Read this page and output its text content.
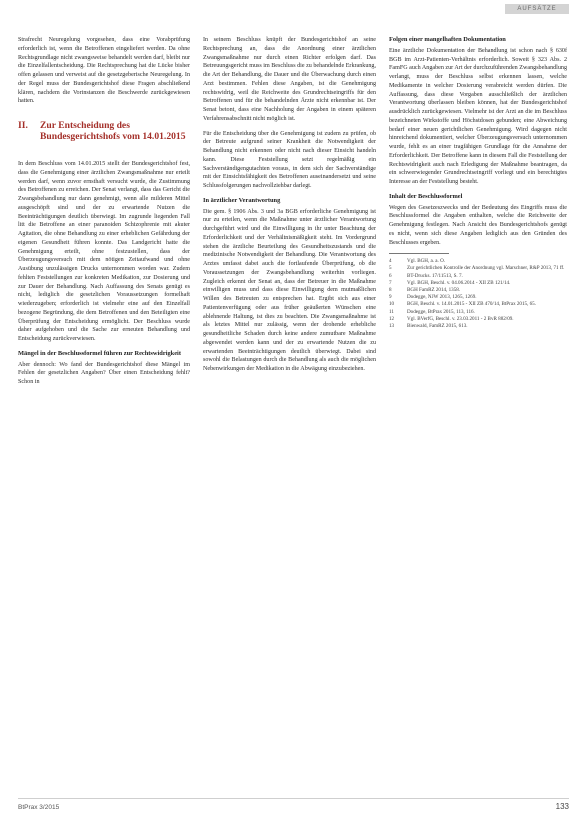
AUFSÄTZE

Strafrecht Neuregelung vorgesehen, dass eine Vorabprüfung erforderlich ist, wenn die Betroffenen eingeliefert werden. Da ohne Rechtsgrundlage nicht zwangsweise behandelt werden darf, bleibt nur die Einzelfallentscheidung. Die Rechtsprechung hat die Lücke bisher offen gelassen und verweist auf die gesetzgeberische Neuregelung. In der Regel muss der Bundesgerichtshof diese Fragen abschließend klären, nachdem die Vorinstanzen die Beschwerde zurückgewiesen hatten.

II.	Zur Entscheidung des Bundesgerichtshofs vom 14.01.2015

In dem Beschluss vom 14.01.2015 stellt der Bundesgerichtshof fest, dass die Genehmigung einer ärztlichen Zwangsmaßnahme nur erteilt werden darf, wenn zuvor ernsthaft versucht wurde, die Zustimmung des Betroffenen zu erreichen. Der Senat verlangt, dass das Gericht die Zwangsbehandlung nur dann genehmigt, wenn alle milderen Mittel ausgeschöpft sind und der zu erwartende Nutzen die Beeinträchtigungen deutlich überwiegt. Im zugrunde liegenden Fall litt die Betroffene an einer paranoiden Schizophrenie mit akuter Agitation, die ohne Behandlung zu einer erheblichen Gefährdung der eigenen Gesundheit führen konnte. Das Landgericht hatte die Genehmigung erteilt, ohne festzustellen, dass der Überzeugungsversuch mit dem nötigen Zeitaufwand und ohne Ausübung unzulässigen Drucks unternommen worden war. Zudem fehlten Feststellungen zur konkreten Medikation, zur Dosierung und zur Dauer der Behandlung. Nach Auffassung des Senats genügt es nicht, lediglich die gesetzlichen Voraussetzungen formelhaft wiederzugeben; erforderlich ist vielmehr eine auf den Einzelfall bezogene Begründung, die dem Betroffenen und den Beteiligten eine Überprüfung der Entscheidung ermöglicht. Der Beschluss wurde daher aufgehoben und die Sache zur erneuten Behandlung und Entscheidung zurückverwiesen.

Mängel in der Beschlussformel führen zur Rechtswidrigkeit

Aber dennoch: Wo fand der Bundesgerichtshof diese Mängel im Fehlen der gesetzlichen Angaben? Über einen Entscheidung fehlt? Schon in

In seinem Beschluss knüpft der Bundesgerichtshof an seine Rechtsprechung an, dass die Anordnung einer ärztlichen Zwangsmaßnahme nur durch einen Richter erfolgen darf. Das Betreuungsgericht muss im Beschluss die zu behandelnde Erkrankung, die Art der Behandlung, die Dauer und die Überwachung durch einen Arzt bestimmen. Fehlen diese Angaben, ist die Genehmigung rechtswidrig, weil die Reichweite des Grundrechtseingriffs für den Betroffenen und für die behandelnden Ärzte nicht erkennbar ist. Der Senat betont, dass eine Nachholung der Angaben in einem späteren Verfahrensabschnitt nicht möglich ist.

Für die Entscheidung über die Genehmigung ist zudem zu prüfen, ob der Betreute aufgrund seiner Krankheit die Notwendigkeit der Behandlung nicht erkennen oder nicht nach dieser Einsicht handeln kann. Diese Feststellung setzt regelmäßig ein Sachverständigengutachten voraus, in dem sich der Sachverständige mit der Einsichtsfähigkeit des Betroffenen auseinandersetzt und seine Schlussfolgerungen nachvollziehbar darlegt.

In ärztlicher Verantwortung

Die gem. § 1906 Abs. 3 und 3a BGB erforderliche Genehmigung ist nur zu erteilen, wenn die Maßnahme unter ärztlicher Verantwortung durchgeführt wird und die Einwilligung in ihr unter Beachtung der Erforderlichkeit und der Verhältnismäßigkeit steht. Im Vordergrund stehen die ärztliche Beurteilung des Gesundheitszustands und die medizinische Notwendigkeit der Behandlung. Die Verantwortung des Arztes umfasst dabei auch die fortlaufende Überprüfung, ob die Voraussetzungen der Zwangsbehandlung weiterhin vorliegen. Zugleich erkennt der Senat an, dass der Betreuer in die Maßnahme einwilligen muss und dass diese Einwilligung dem mutmaßlichen Willen des Betreuten zu entsprechen hat. Ergibt sich aus einer Patientenverfügung oder aus früher geäußerten Wünschen eine ablehnende Haltung, ist dies zu beachten. Die Zwangsmaßnahme ist als letztes Mittel nur zulässig, wenn der drohende erhebliche gesundheitliche Schaden durch keine andere zumutbare Maßnahme abgewendet werden kann und der zu erwartende Nutzen die zu erwartenden Beeinträchtigungen deutlich überwiegt. Dabei sind sowohl die Belastungen durch die Behandlung als auch die möglichen Nebenwirkungen der Medikation in die Abwägung einzubeziehen.

Folgen einer mangelhaften Dokumentation

Eine ärztliche Dokumentation der Behandlung ist schon nach § 630f BGB im Arzt-Patienten-Verhältnis erforderlich. Soweit § 323 Abs. 2 FamFG auch Angaben zur Art der durchzuführenden Zwangsbehandlung verlangt, muss der Beschluss selbst erkennen lassen, welche Medikamente in welcher Dosierung verabreicht werden dürfen. Die Auffassung, dass diese Vorgaben ausschließlich der ärztlichen Verantwortung überlassen bleiben können, hat der Bundesgerichtshof ausdrücklich zurückgewiesen. Vielmehr ist der Arzt an die im Beschluss bezeichneten Wirkstoffe und Höchstdosen gebunden; eine Abweichung bedarf einer neuen gerichtlichen Genehmigung. Wird dagegen nicht hinreichend dokumentiert, welcher Überzeugungsversuch unternommen wurde, fehlt es an einer tragfähigen Grundlage für die Annahme der Erforderlichkeit. Der Betroffene kann in diesem Fall die Feststellung der Rechtswidrigkeit auch nach Erledigung der Maßnahme beantragen, da ein schwerwiegender Grundrechtseingriff vorliegt und ein berechtigtes Interesse an der Feststellung besteht.

Inhalt der Beschlussformel

Wegen des Gesetzeszwecks und der Bedeutung des Eingriffs muss die Beschlussformel die Angaben enthalten, welche die Reichweite der Genehmigung festlegen. Nach Ansicht des Bundesgerichtshofs genügt es nicht, wenn sich diese Angaben lediglich aus den Gründen des Beschlusses ergeben.

4	Vgl. BGH, a. a. O.
5	Zur gerichtlichen Kontrolle der Anordnung vgl. Marschner, R&P 2013, 71 ff.
6	BT-Drucks. 17/11513, S. 7.
7	Vgl. BGH, Beschl. v. 04.06.2014 - XII ZB 121/14.
8	BGH FamRZ 2014, 1358.
9	Dodegge, NJW 2013, 1265, 1269.
10	BGH, Beschl. v. 14.01.2015 - XII ZB 470/14, BtPrax 2015, 65.
11	Dodegge, BtPrax 2015, 113, 116.
12	Vgl. BVerfG, Beschl. v. 23.03.2011 - 2 BvR 882/09.
13	Bienwald, FamRZ 2015, 613.
BtPrax 3/2015	133
